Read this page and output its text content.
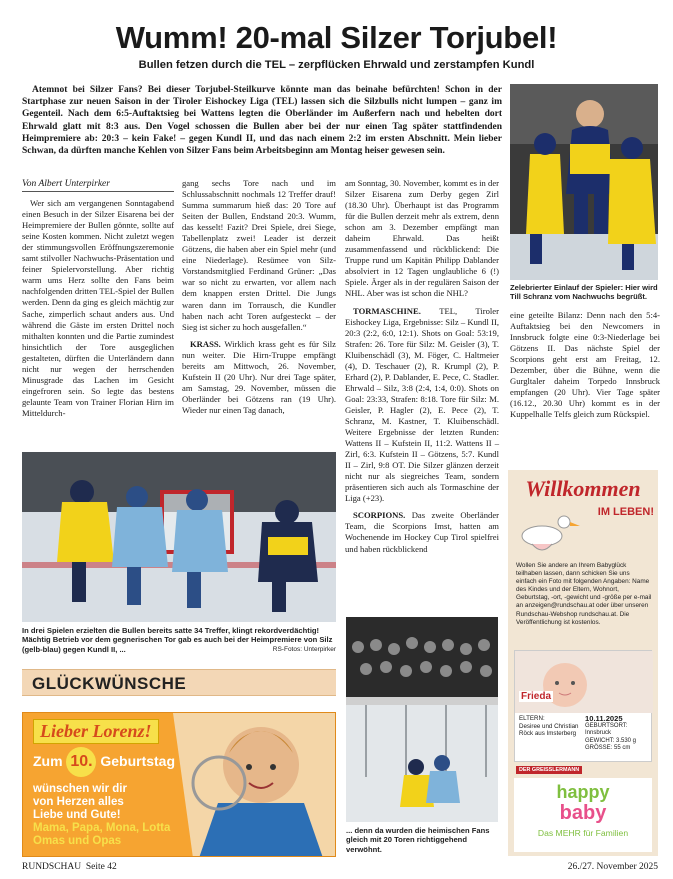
Wumm! 20-mal Silzer Torjubel!
Bullen fetzen durch die TEL – zerpflücken Ehrwald und zerstampfen Kundl
Atemnot bei Silzer Fans? Bei dieser Torjubel-Steilkurve könnte man das beinahe befürchten! Schon in der Startphase zur neuen Saison in der Tiroler Eishockey Liga (TEL) lassen sich die Silzbulls nicht lumpen – ganz im Gegenteil. Nach dem 6:5-Auftaktsieg bei Wattens legten die Oberländer im Außerfern nach und hebelten dort Ehrwald glatt mit 8:3 aus. Den Vogel schossen die Bullen aber bei der nur einen Tag später stattfindenden Heimpremiere ab: 20:3 – kein Fake! – gegen Kundl II, und das nach einem 2:2 im ersten Abschnitt. Mein lieber Schwan, da dürften manche Kehlen von Silzer Fans beim Arbeitsbeginn am Montag heiser gewesen sein.
Zelebrierter Einlauf der Spieler: Hier wird Till Schranz vom Nachwuchs begrüßt.
Von Albert Unterpirker

Wer sich am vergangenen Sonntagabend einen Besuch in der Silzer Eisarena bei der Heimpremiere der Bullen gönnte, sollte auf seine Kosten kommen. Nicht zuletzt wegen der stimmungsvollen Eröffnungszeremonie samt stilvoller Nachwuchs-Präsentation und feiner Spielervorstellung. Aber richtig warm ums Herz sollte den Fans beim nachfolgenden dritten TEL-Spiel der Bullen werden. Denn da ging es gleich mächtig zur Sache, zimperlich schaut anders aus. Und während die Gäste im ersten Drittel noch mithalten konnten und die Partie zumindest hinsichtlich der Tore ausgeglichen gestalteten, dürften die Unterländern dann nicht nur wegen der herrschenden Minusgrade das Lachen im Gesicht eingefroren sein. So legte das bestens gelaunte Team von Trainer Florian Hirn im Mitteldurch-

gang sechs Tore nach und im Schlussabschnitt nochmals 12 Treffer drauf! Summa summarum hieß das: 20 Tore auf Seiten der Bullen, Endstand 20:3. Wumm, das kesselt! Fazit? Drei Spiele, drei Siege, Tabellenplatz zwei! Leader ist derzeit Götzens, die haben aber ein Spiel mehr (und eine Niederlage). Resümee von Silz-Vorstandsmitglied Ferdinand Grüner: „Das war so nicht zu erwarten, vor allem nach dem knappen ersten Drittel. Die Jungs waren dann im Torrausch, die Kundler haben nach acht Toren aufgesteckt – der Sieg ist sicher zu hoch ausgefallen.“

KRASS. Wirklich krass geht es für Silz nun weiter. Die Hirn-Truppe empfängt bereits am Mittwoch, 26. November, Kufstein II (20 Uhr). Nur drei Tage später, am Samstag, 29. November, müssen die Oberländer bei Götzens ran (19 Uhr). Wieder nur einen Tag danach,

am Sonntag, 30. November, kommt es in der Silzer Eisarena zum Derby gegen Zirl (18.30 Uhr). Überhaupt ist das Programm für die Bullen derzeit mehr als extrem, denn schon am 3. Dezember empfängt man daheim Ehrwald. Das heißt zusammenfassend und rückblickend: Die Truppe rund um Kapitän Philipp Dablander absolviert in 12 Tagen unglaubliche 6 (!) Spiele. Ärger als in der regulären Saison der NHL. Aber was ist schon die NHL?

TORMASCHINE. TEL, Tiroler Eishockey Liga, Ergebnisse: Silz – Kundl II, 20:3 (2:2, 6:0, 12:1). Shots on Goal: 53:19, Strafen: 26. Tore für Silz: M. Geisler (3), T. Kluibenschädl (3), M. Föger, C. Haltmeier (4), D. Teschauer (2), R. Krumpl (2), P. Erhard (2), P. Dablander, E. Pece, C. Stadler. Ehrwald – Silz, 3:8 (2:4, 1:4, 0:0). Shots on Goal: 23:33, Strafen: 8:18. Tore für Silz: M. Geisler, P. Hagler (2), E. Pece (2), T. Schranz, M. Kastner, T. Kluibenschädl. Weitere Ergebnisse der letzten Runden: Wattens II – Kufstein II, 11:2. Wattens II – Zirl, 6:3. Kufstein II – Götzens, 5:7. Kundl II – Zirl, 9:8 OT. Die Silzer glänzen derzeit nicht nur als siegreiches Team, sondern präsentieren sich auch als Tormaschine der Liga (+23).

SCORPIONS. Das zweite Oberländer Team, die Scorpions Imst, hatten am Wochenende im Hockey Cup Tirol spielfrei und haben rückblickend

eine geteilte Bilanz: Denn nach den 5:4-Auftaktsieg bei den Newcomers in Innsbruck folgte eine 0:3-Niederlage bei Götzens II. Das nächste Spiel der Scorpions geht erst am Freitag, 12. Dezember, über die Bühne, wenn die Gurgltaler daheim Torpedo Innsbruck empfangen (20 Uhr). Vier Tage später (16.12., 20.30 Uhr) kommt es in der Kuppelhalle Telfs gleich zum Rückspiel.

In drei Spielen erzielten die Bullen bereits satte 34 Treffer, klingt rekordverdächtig! Mächtig Betrieb vor dem gegnerischen Tor gab es auch bei der Heimpremiere von Silz (gelb-blau) gegen Kundl II, ...	RS-Fotos: Unterpirker
... denn da wurden die heimischen Fans gleich mit 20 Toren richtiggehend verwöhnt.
GLÜCKWÜNSCHE
Lieber Lorenz!
Zum 10. Geburtstag
wünschen wir dir
von Herzen alles
Liebe und Gute!
Mama, Papa, Mona, Lotta
Omas und Opas
Willkommen
IM LEBEN!
Wollen Sie andere an Ihrem Babyglück teilhaben lassen, dann schicken Sie uns einfach ein Foto mit folgenden Angaben: Name des Kindes und der Eltern, Wohnort, Geburtstag, -ort, -gewicht und -größe per e-mail an anzeigen@rundschau.at oder über unseren Rundschau-Webshop rundschau.at. Die Veröffentlichung ist kostenlos.
Frieda
ELTERN:
Desiree und Christian Röck aus Imsterberg
10.11.2025
GEBURTSORT: Innsbruck
GEWICHT: 3.530 g
GRÖSSE: 55 cm
DER GREISSLERMANN
happy
baby
Das MEHR für Familien
RUNDSCHAU  Seite 42	26./27. November 2025
